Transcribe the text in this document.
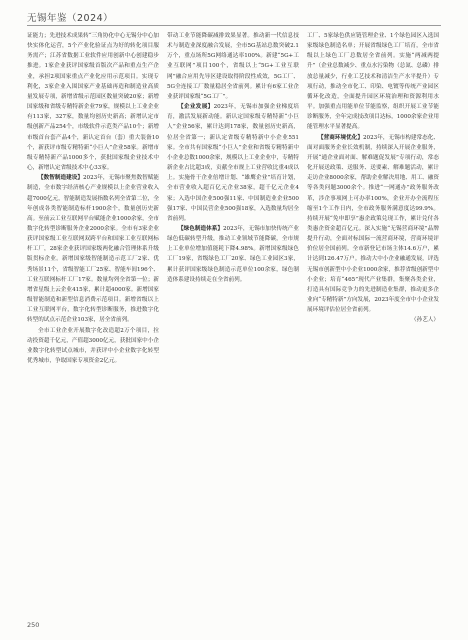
无锡年鉴（2024）

证能力；先进技术成果转“三角协化中心无锡分中心加快实体化运营，5个产业化验证点为好的转化项目服务需产；江苏省数据工业软件应用创新中心创建稳步推进。1家企业获评国家级首版次产品和重点生产企业，承担2项国家重点产业化应用示范项目。实现专利化，3家企业入围国家产业基础再造和制造业高质量发展专项，新增省级示范园区数量突破20家；新增国家级和省级专精特新企业79家，规模以上工业企业有113家，327家，数量均创历史新高；新增认定市级创新产品254个，市级软件示范类产品10个；新增市级首台套产品4个，新认定首台（套）重大装备10个，新获评市级专精特新“小巨人”企业58家。新增市级专精特新产品1000多个，获批国家级企业技术中心，新增认定省级技术中心33家。

【数智制造建设】2023年，无锡市聚焦数智赋能制造，全市数字经济核心产业规模以上企业营业收入超7000亿元，智能制造发展指数名列全省第二位，全年创成各类智能制造标杆1900余个，数量创历史新高。至前云工业互联网平台赋能企业1000余家，全市数字化转型诊断服务企业2000余家。全市有3家企业获评国家级工业互联网双跨平台和国家工业互联网标杆工厂，28家企业获评国家级两化融合管理体系升级版贯标企业。新增国家级智能制造示范工厂2家、优秀场景11个，省级智能工厂25家、智能车间196个、工业互联网标杆工厂17家。数量均列全省第一位；新增省星级上云企业415家，累计超4000家。新增国家级智能制造和新型信息消费示范项目。新增省级以上工业互联网平台，数字化转型诊断服务，推进数字化转型的试点示范企业103家，居全省前列。

全市工业企业开展数字化改造超2万个项目，拉动投资超千亿元，产值超3000亿元，获批国家中小企业数字化转型试点城市，并获评中小企业数字化转型优秀城市，争取国家专项资金2亿元。

带动工业节能降碳减排效果显著。推动新一代信息技术与制造业深度融合发展，全市5G基站总数突破2.1万个，重点场所5G网络通达率100%。新建“5G+工业互联网”项目100个，省级以上“5G+工业互联网”融合应用先导区建设取得阶段性成效，5G工厂、5G全连接工厂数量稳居全省前列。累计有6家工业企业获评国家级“5G工厂”。

【企业发展】2023年，无锡市加强企业梯度培育，激活发展新动能。新认定国家级专精特新“小巨人”企业56家，累计达到178家，数量创历史新高，位居全省第一；新认定省级专精特新中小企业551家。全市共有国家级“小巨人”企业和省级专精特新中小企业总数1000余家，规模以上工业企业中，专精特新企业占比超3成，贡献全市规上工业营收比重4成以上。实施骨干企业倍增计划、“雄鹰企业”培育计划，全市营业收入超百亿元企业38家，超千亿元企业4家；入选中国企业500强11家、中国制造业企业500强17家、中国民营企业500强18家，入选数量均居全省前列。

【绿色制造体系】2023年，无锡市加快传统产业绿色低碳转型升级，推动工业领域节能降碳，全市规上工业单位增加值能耗下降4.98%。新增国家级绿色工厂19家，省级绿色工厂20家、绿色工业园区3家，累计获评国家级绿色制造示范单位100余家，绿色制造体系建设持续走在全省前列。

工厂、5家绿色供应链管理企业、1个绿色园区入选国家级绿色制造名单；开展省级绿色工厂培育，全市省级以上绿色工厂总数居全省前列。实施“两减两提升”（企业总数减少、重点水污染物（总氮、总磷）排放总量减少，行业工艺技术和清洁生产水平提升）专项行动，推动全市化工、印染、电镀等传统产业园区循环化改造，全面提升园区环境治理和资源利用水平。加强重点用能单位节能监察，组织开展工业节能诊断服务，全年完成技改项目达标，1000余家企业用能管理水平显著提高。

【营商环境优化】2023年，无锡市构建常态化、面对面服务企业长效机制，持续深入开展企业服务，开展“通企业面对面、解难题促发展”专项行动，常态化开展送政策、送服务、送要素、解难题活动，累计走访企业8000余家，帮助企业解决用地、用工、融资等各类问题3000余个。推进“一网通办”政务服务改革，涉企事项网上可办率100%，企业开办全流程压缩至1个工作日内，全市政务服务满意度达99.9%。持续开展“免申即享”惠企政策兑现工作，累计兑付各类惠企资金超百亿元。深入实施“无锡营商环境”品牌提升行动，全面对标国际一流营商环境，营商环境评价位居全国前列。全市新登记市场主体14.6万户，累计达到126.47万户。推动大中小企业融通发展，评选无锡市创新型中小企业1000余家，推荐省级创新型中小企业；培育“465”现代产业集群，集聚各类企业，打造具有国际竞争力的先进制造业集群，推动更多企业向“专精特新”方向发展，2023年度全市中小企业发展环境评估位居全省前列。

（孙艺人）

250
